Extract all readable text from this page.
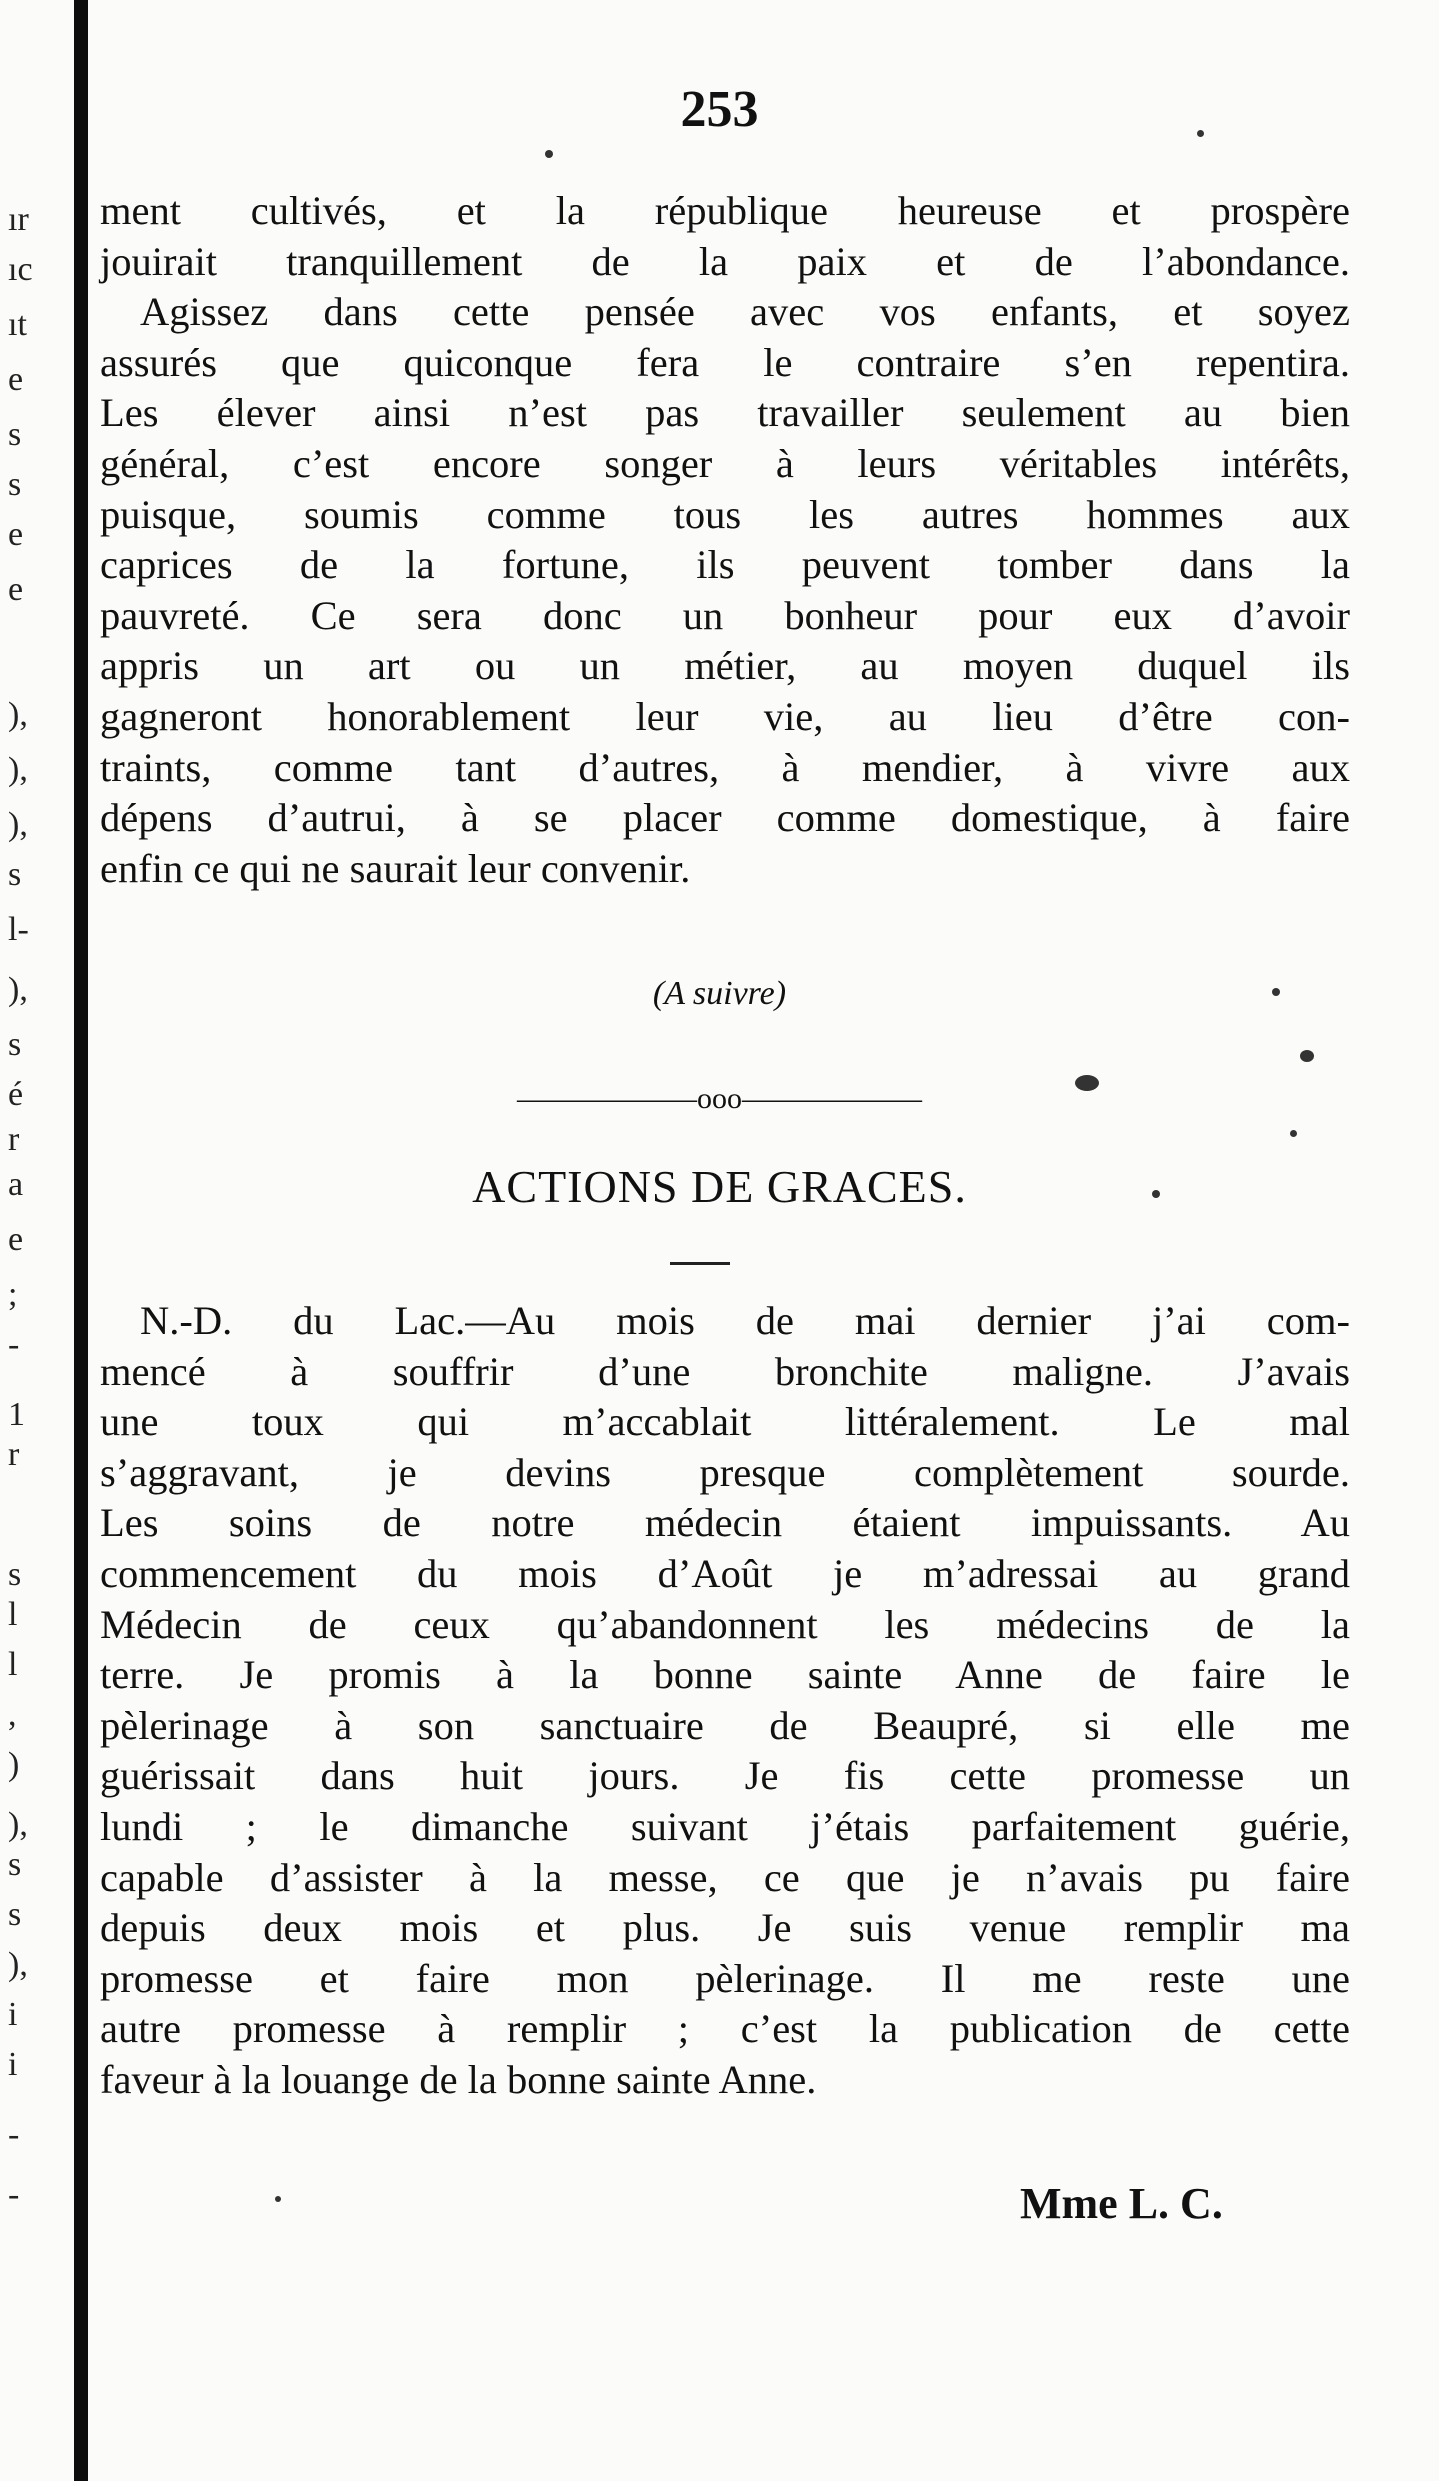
ır
ıc
ıt
e
s
s
e
e
),
),
),
s
l-
),
s
é
r
a
e
;
-
1
r
s
l
l
,
)
),
s
s
),
i
i
-
-
253
ment cultivés, et la république heureuse et prospère
jouirait tranquillement de la paix et de l’abondance.
Agissez dans cette pensée avec vos enfants, et soyez
assurés que quiconque fera le contraire s’en repentira.
Les élever ainsi n’est pas travailler seulement au bien
général, c’est encore songer à leurs véritables intérêts,
puisque, soumis comme tous les autres hommes aux
caprices de la fortune, ils peuvent tomber dans la
pauvreté. Ce sera donc un bonheur pour eux d’avoir
appris un art ou un métier, au moyen duquel ils
gagneront honorablement leur vie, au lieu d’être con-
traints, comme tant d’autres, à mendier, à vivre aux
dépens d’autrui, à se placer comme domestique, à faire
enfin ce qui ne saurait leur convenir.
(A suivre)
——————ooo——————
ACTIONS DE GRACES.
N.-D. du Lac.—Au mois de mai dernier j’ai com-
mencé à souffrir d’une bronchite maligne. J’avais
une toux qui m’accablait littéralement. Le mal
s’aggravant, je devins presque complètement sourde.
Les soins de notre médecin étaient impuissants. Au
commencement du mois d’Août je m’adressai au grand
Médecin de ceux qu’abandonnent les médecins de la
terre. Je promis à la bonne sainte Anne de faire le
pèlerinage à son sanctuaire de Beaupré, si elle me
guérissait dans huit jours. Je fis cette promesse un
lundi ; le dimanche suivant j’étais parfaitement guérie,
capable d’assister à la messe, ce que je n’avais pu faire
depuis deux mois et plus. Je suis venue remplir ma
promesse et faire mon pèlerinage. Il me reste une
autre promesse à remplir ; c’est la publication de cette
faveur à la louange de la bonne sainte Anne.
Mme L. C.
